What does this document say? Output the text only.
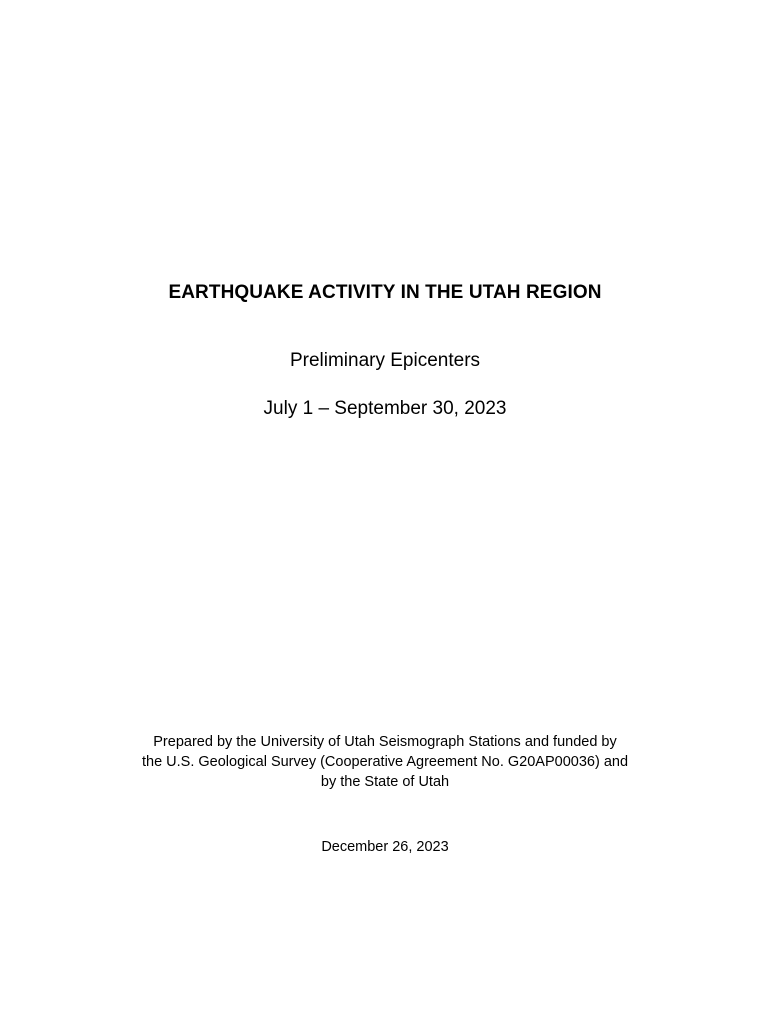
EARTHQUAKE ACTIVITY IN THE UTAH REGION
Preliminary Epicenters
July 1 – September 30, 2023
Prepared by the University of Utah Seismograph Stations and funded by
the U.S. Geological Survey (Cooperative Agreement No. G20AP00036) and
by the State of Utah
December 26, 2023
